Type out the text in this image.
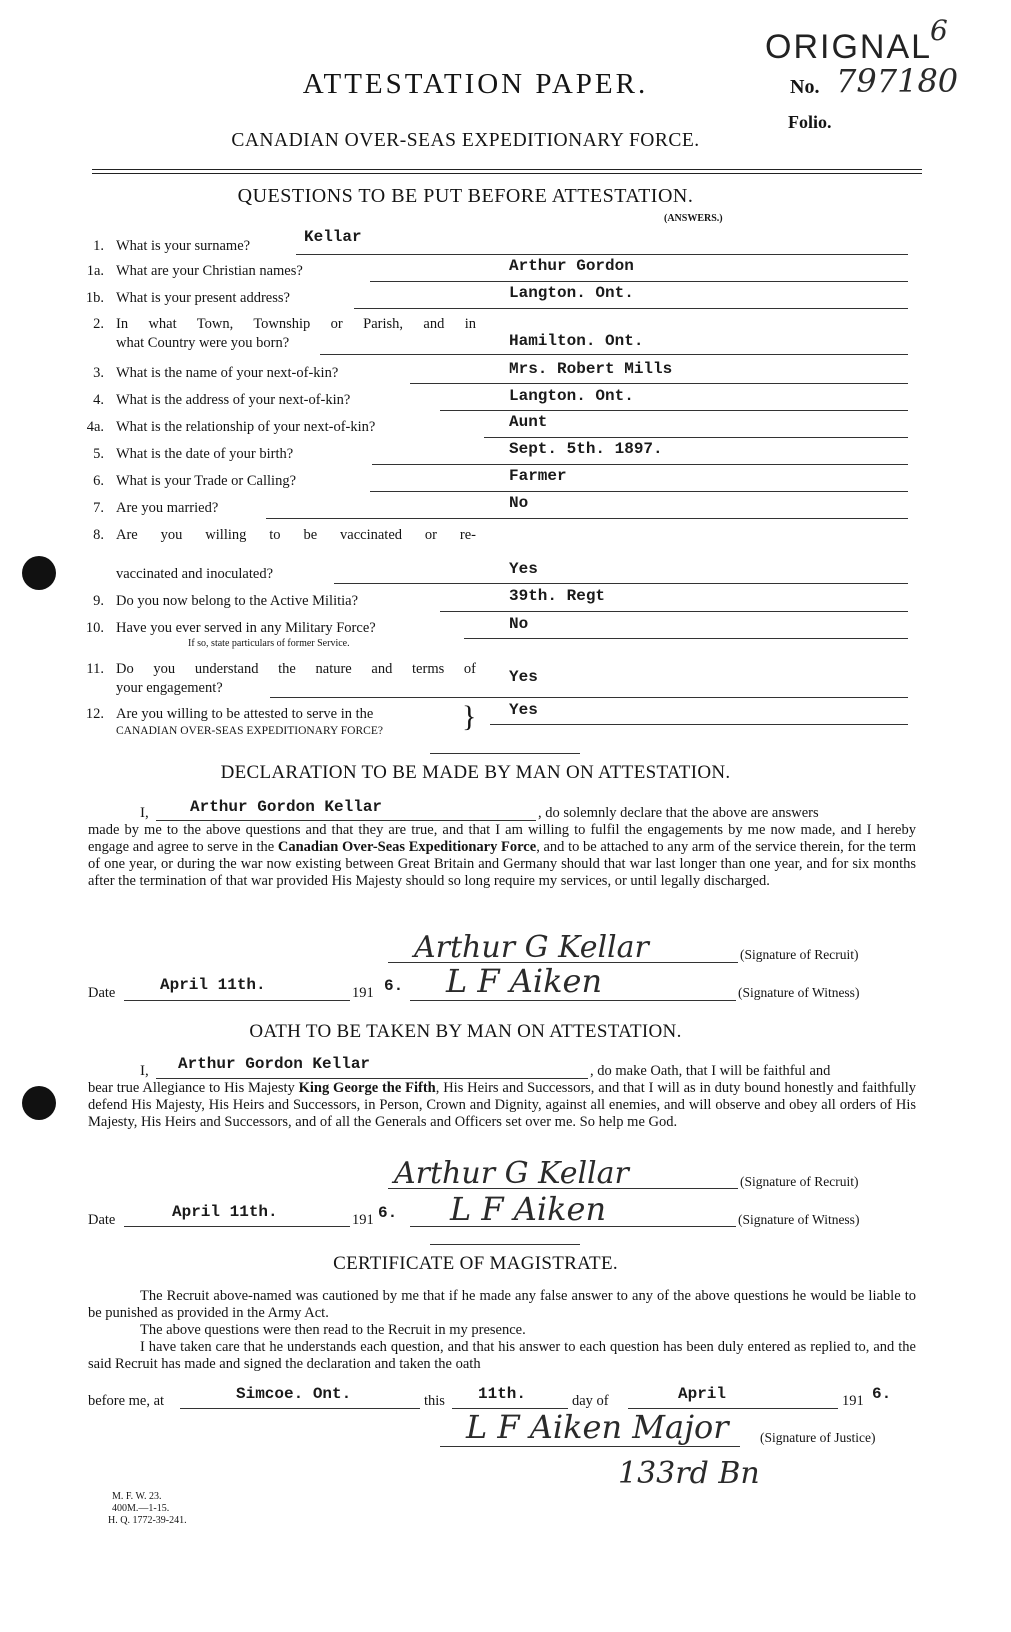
ORIGNAL
6
No. 797180
Folio.
ATTESTATION PAPER.
CANADIAN OVER-SEAS EXPEDITIONARY FORCE.
QUESTIONS TO BE PUT BEFORE ATTESTATION.
(ANSWERS.)
1. What is your surname?	Kellar
1a. What are your Christian names?	Arthur Gordon
1b. What is your present address?	Langton. Ont.
2. In what Town, Township or Parish, and in
what Country were you born?	Hamilton. Ont.
3. What is the name of your next-of-kin?	Mrs. Robert Mills
4. What is the address of your next-of-kin?	Langton. Ont.
4a. What is the relationship of your next-of-kin?	Aunt
5. What is the date of your birth?	Sept. 5th. 1897.
6. What is your Trade or Calling?	Farmer
7. Are you married?	No
8. Are you willing to be vaccinated or re-
vaccinated and inoculated?	Yes
9. Do you now belong to the Active Militia?	39th. Regt
10. Have you ever served in any Military Force?
If so, state particulars of former Service.
No
11. Do you understand the nature and terms of
your engagement?
Yes
12. Are you willing to be attested to serve in the
CANADIAN OVER-SEAS EXPEDITIONARY FORCE?	} Yes
DECLARATION TO BE MADE BY MAN ON ATTESTATION.
I,	Arthur Gordon Kellar	, do solemnly declare that the above are answers
made by me to the above questions and that they are true, and that I am willing to fulfil the engagements by me now made, and I hereby engage and agree to serve in the Canadian Over-Seas Expeditionary Force, and to be attached to any arm of the service therein, for the term of one year, or during the war now existing between Great Britain and Germany should that war last longer than one year, and for six months after the termination of that war provided His Majesty should so long require my services, or until legally discharged.
Arthur G Kellar	(Signature of Recruit)
Date	April 11th.	191 6. L F Aiken	(Signature of Witness)
OATH TO BE TAKEN BY MAN ON ATTESTATION.
I, Arthur Gordon Kellar	, do make Oath, that I will be faithful and
bear true Allegiance to His Majesty King George the Fifth, His Heirs and Successors, and that I will as in duty bound honestly and faithfully defend His Majesty, His Heirs and Successors, in Person, Crown and Dignity, against all enemies, and will observe and obey all orders of His Majesty, His Heirs and Successors, and of all the Generals and Officers set over me. So help me God.
Arthur G Kellar	(Signature of Recruit)
Date	April 11th.	191 6. L F Aiken	(Signature of Witness)
CERTIFICATE OF MAGISTRATE.
The Recruit above-named was cautioned by me that if he made any false answer to any of the above questions he would be liable to be punished as provided in the Army Act.
The above questions were then read to the Recruit in my presence.
I have taken care that he understands each question, and that his answer to each question has been duly entered as replied to, and the said Recruit has made and signed the declaration and taken the oath
before me, at	Simcoe. Ont.	this 11th.	day of	April	191 6.
L F Aiken Major (Signature of Justice)
133rd Bn
M. F. W. 23.
400M.—1-15.
H. Q. 1772-39-241.
